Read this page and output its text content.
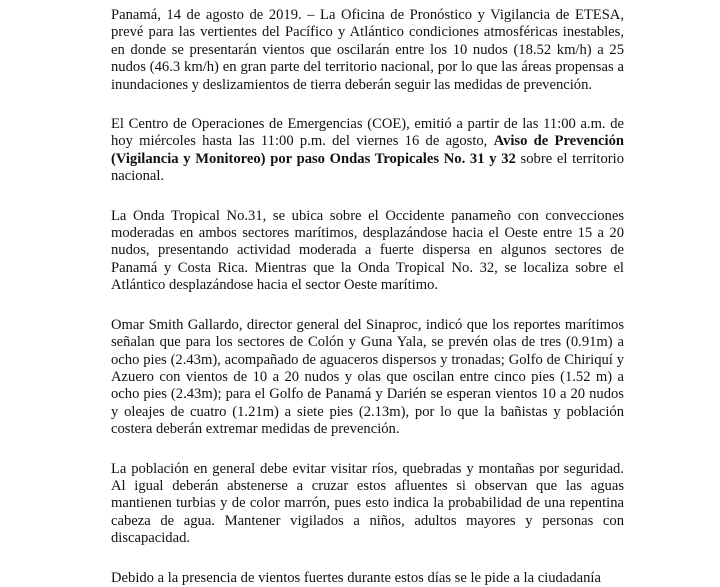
Panamá, 14 de agosto de 2019. – La Oficina de Pronóstico y Vigilancia de ETESA, prevé para las vertientes del Pacífico y Atlántico condiciones atmosféricas inestables, en donde se presentarán vientos que oscilarán entre los 10 nudos (18.52 km/h) a 25 nudos (46.3 km/h) en gran parte del territorio nacional, por lo que las áreas propensas a inundaciones y deslizamientos de tierra deberán seguir las medidas de prevención.

El Centro de Operaciones de Emergencias (COE), emitió a partir de las 11:00 a.m. de hoy miércoles hasta las 11:00 p.m. del viernes 16 de agosto, Aviso de Prevención (Vigilancia y Monitoreo) por paso Ondas Tropicales No. 31 y 32 sobre el territorio nacional.

La Onda Tropical No.31, se ubica sobre el Occidente panameño con convecciones moderadas en ambos sectores marítimos, desplazándose hacia el Oeste entre 15 a 20 nudos, presentando actividad moderada a fuerte dispersa en algunos sectores de Panamá y Costa Rica. Mientras que la Onda Tropical No. 32, se localiza sobre el Atlántico desplazándose hacia el sector Oeste marítimo.

Omar Smith Gallardo, director general del Sinaproc, indicó que los reportes marítimos señalan que para los sectores de Colón y Guna Yala, se prevén olas de tres (0.91m) a ocho pies (2.43m), acompañado de aguaceros dispersos y tronadas; Golfo de Chiriquí y Azuero con vientos de 10 a 20 nudos y olas que oscilan entre cinco pies (1.52 m) a ocho pies (2.43m); para el Golfo de Panamá y Darién se esperan vientos 10 a 20 nudos y oleajes de cuatro (1.21m) a siete pies (2.13m), por lo que la bañistas y población costera deberán extremar medidas de prevención.

La población en general debe evitar visitar ríos, quebradas y montañas por seguridad. Al igual deberán abstenerse a cruzar estos afluentes si observan que las aguas mantienen turbias y de color marrón, pues esto indica la probabilidad de una repentina cabeza de agua. Mantener vigilados a niños, adultos mayores y personas con discapacidad.

Debido a la presencia de vientos fuertes durante estos días se le pide a la ciudadanía
